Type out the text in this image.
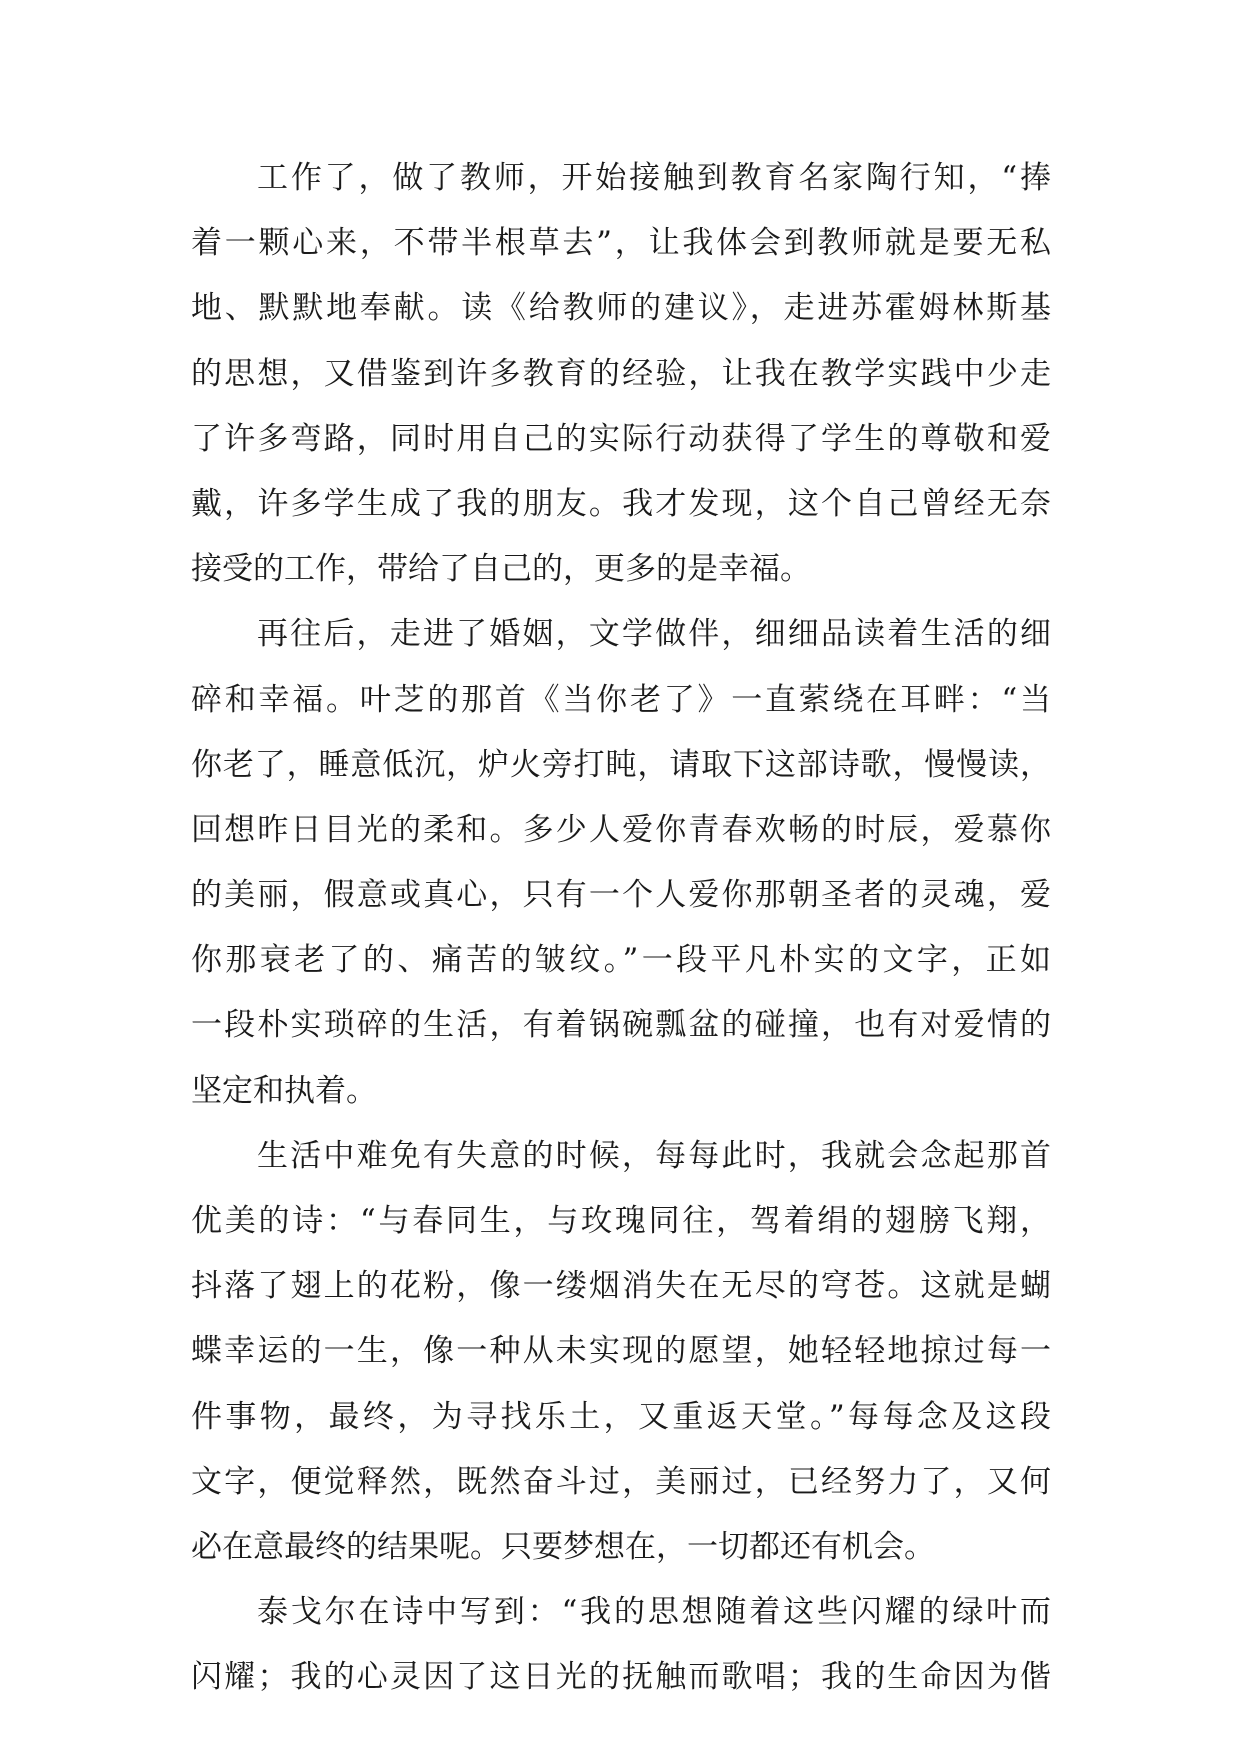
工作了，做了教师，开始接触到教育名家陶行知，“捧
着一颗心来，不带半根草去”，让我体会到教师就是要无私
地、默默地奉献。读《给教师的建议》，走进苏霍姆林斯基
的思想，又借鉴到许多教育的经验，让我在教学实践中少走
了许多弯路，同时用自己的实际行动获得了学生的尊敬和爱
戴，许多学生成了我的朋友。我才发现，这个自己曾经无奈
接受的工作，带给了自己的，更多的是幸福。
再往后，走进了婚姻，文学做伴，细细品读着生活的细
碎和幸福。叶芝的那首《当你老了》一直萦绕在耳畔：“当
你老了，睡意低沉，炉火旁打盹，请取下这部诗歌，慢慢读，
回想昨日目光的柔和。多少人爱你青春欢畅的时辰，爱慕你
的美丽，假意或真心，只有一个人爱你那朝圣者的灵魂，爱
你那衰老了的、痛苦的皱纹。”一段平凡朴实的文字，正如
一段朴实琐碎的生活，有着锅碗瓢盆的碰撞，也有对爱情的
坚定和执着。
生活中难免有失意的时候，每每此时，我就会念起那首
优美的诗：“与春同生，与玫瑰同往，驾着绢的翅膀飞翔，
抖落了翅上的花粉，像一缕烟消失在无尽的穹苍。这就是蝴
蝶幸运的一生，像一种从未实现的愿望，她轻轻地掠过每一
件事物，最终，为寻找乐土，又重返天堂。”每每念及这段
文字，便觉释然，既然奋斗过，美丽过，已经努力了，又何
必在意最终的结果呢。只要梦想在，一切都还有机会。
泰戈尔在诗中写到：“我的思想随着这些闪耀的绿叶而
闪耀；我的心灵因了这日光的抚触而歌唱；我的生命因为偕
